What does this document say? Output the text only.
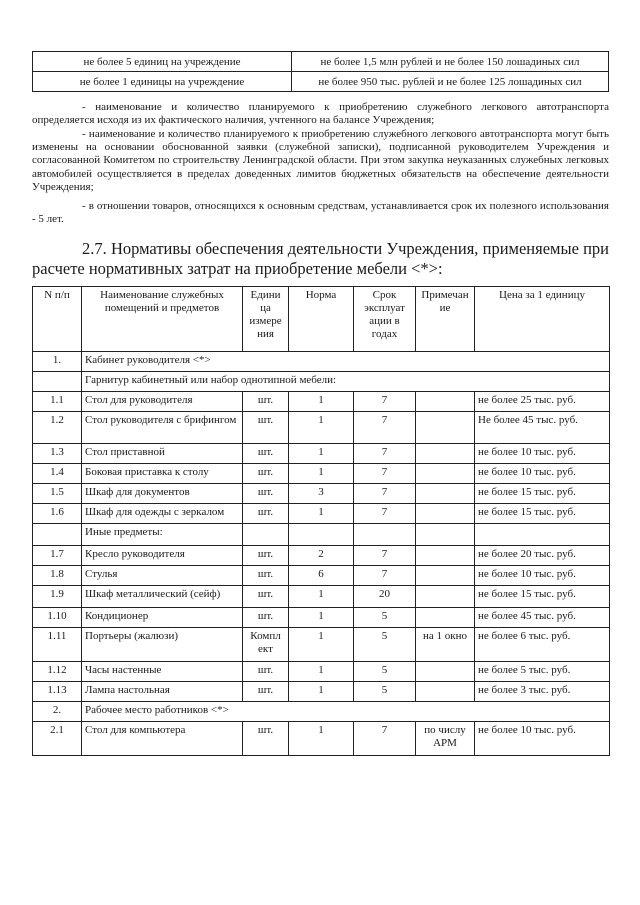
не более 5 единиц на учреждение	не более 1,5 млн рублей и не более 150 лошадиных сил
не более 1 единицы на учреждение	не более 950 тыс. рублей и не более 125 лошадиных сил

- наименование и количество планируемого к приобретению служебного легкового автотранспорта определяется исходя из их фактического наличия, учтенного на балансе Учреждения;

- наименование и количество планируемого к приобретению служебного легкового автотранспорта могут быть изменены на основании обоснованной заявки (служебной записки), подписанной руководителем Учреждения и согласованной Комитетом по строительству Ленинградской области. При этом закупка неуказанных служебных легковых автомобилей осуществляется в пределах доведенных лимитов бюджетных обязательств на обеспечение деятельности Учреждения;

- в отношении товаров, относящихся к основным средствам, устанавливается срок их полезного использования - 5 лет.

2.7. Нормативы обеспечения деятельности Учреждения, применяемые при расчете нормативных затрат на приобретение мебели <*>:

N п/п	Наименование служебных помещений и предметов	Едини ца измере ния	Норма	Срок эксплуат ации в годах	Примечан ие	Цена за 1 единицу
1.	Кабинет руководителя <*>					
	Гарнитур кабинетный или набор однотипной мебели:					
1.1	Стол для руководителя	шт.	1	7		не более 25 тыс. руб.
1.2	Стол руководителя с брифингом	шт.	1	7		Не более 45 тыс. руб.
1.3	Стол приставной	шт.	1	7		не более 10 тыс. руб.
1.4	Боковая приставка к столу	шт.	1	7		не более 10 тыс. руб.
1.5	Шкаф для документов	шт.	3	7		не более 15 тыс. руб.
1.6	Шкаф для одежды с зеркалом	шт.	1	7		не более 15 тыс. руб.
	Иные предметы:					
1.7	Кресло руководителя	шт.	2	7		не более 20 тыс. руб.
1.8	Стулья	шт.	6	7		не более 10 тыс. руб.
1.9	Шкаф металлический (сейф)	шт.	1	20		не более 15 тыс. руб.
1.10	Кондиционер	шт.	1	5		не более 45 тыс. руб.
1.11	Портьеры (жалюзи)	Компл ект	1	5	на 1 окно	не более 6 тыс. руб.
1.12	Часы настенные	шт.	1	5		не более 5 тыс. руб.
1.13	Лампа настольная	шт.	1	5		не более 3 тыс. руб.
2.	Рабочее место работников <*>					
2.1	Стол для компьютера	шт.	1	7	по числу АРМ	не более 10 тыс. руб.
